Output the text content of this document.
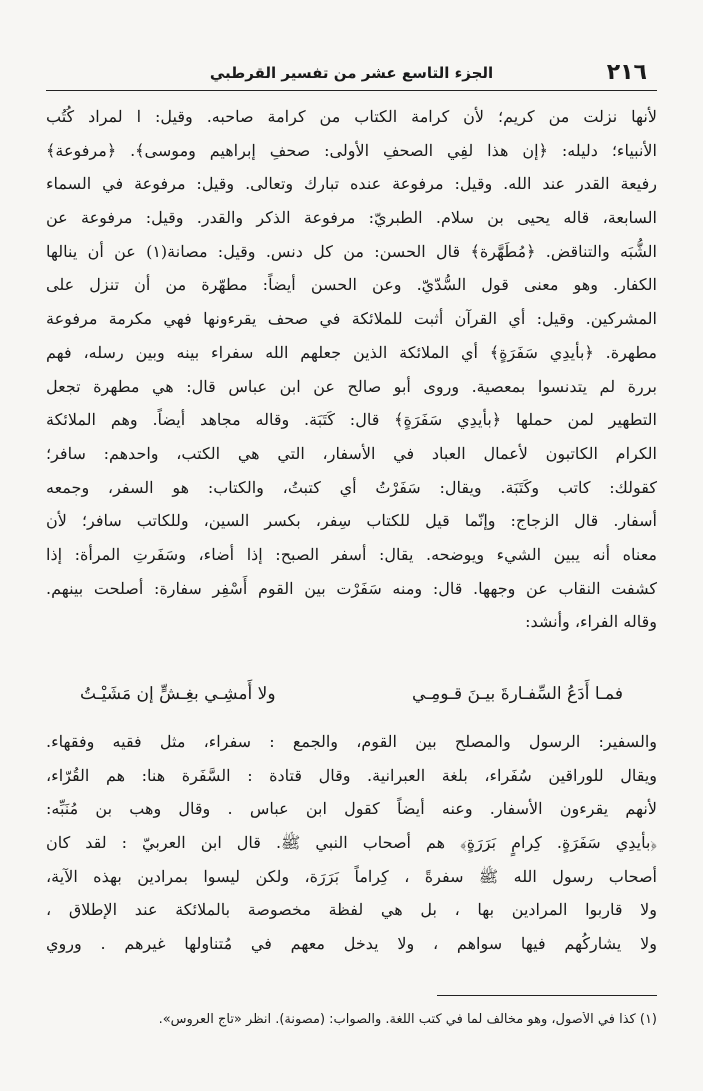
٢١٦
الجزء التاسع عشر من تفسير القرطبي
لأنها نزلت من كريم؛ لأن كرامة الكتاب من كرامة صاحبه. وقيل: ا لمراد كُتُب
الأنبياء؛ دليله: ﴿إن هذا لفِي الصحفِ الأولى: صحفِ إبراهيم وموسى﴾. ﴿مرفوعة﴾
رفيعة القدر عند الله. وقيل: مرفوعة عنده تبارك وتعالى. وقيل: مرفوعة في السماء
السابعة، قاله يحيى بن سلام. الطبريّ: مرفوعة الذكر والقدر. وقيل: مرفوعة عن
الشُّبَه والتناقض. ﴿مُطَهَّرة﴾ قال الحسن: من كل دنس. وقيل: مصانة(١) عن أن ينالها
الكفار. وهو معنى قول السُّدّيّ. وعن الحسن أيضاً: مطهّرة من أن تنزل على
المشركين. وقيل: أي القرآن أثبت للملائكة في صحف يقرءونها فهي مكرمة مرفوعة
مطهرة. ﴿بأيدِي سَفَرَةٍ﴾ أي الملائكة الذين جعلهم الله سفراء بينه وبين رسله، فهم
بررة لم يتدنسوا بمعصية. وروى أبو صالح عن ابن عباس قال: هي مطهرة تجعل
التطهير لمن حملها ﴿بأيدِي سَفَرَةٍ﴾ قال: كَتَبَة. وقاله مجاهد أيضاً. وهم الملائكة
الكرام الكاتبون لأعمال العباد في الأسفار، التي هي الكتب، واحدهم: سافر؛
كقولك: كاتب وكَتَبَة. ويقال: سَفَرْتُ أي كتبتُ، والكتاب: هو السفر، وجمعه
أسفار. قال الزجاج: وإنّما قيل للكتاب سِفر، بكسر السين، وللكاتب سافر؛ لأن
معناه أنه يبين الشيء ويوضحه. يقال: أسفر الصبح: إذا أضاء، وسَفَرتِ المرأة: إذا
كشفت النقاب عن وجهها. قال: ومنه سَفَرْت بين القوم أَسْفِر سفارة: أصلحت بينهم.
وقاله الفراء، وأنشد:
فمـا أَدَعُ السِّفـارةَ بيـنَ قـومِـي
ولا أَمشِـي بغِـشٍّ إن مَشَيْـتُ
والسفير: الرسول والمصلح بين القوم، والجمع : سفراء، مثل فقيه وفقهاء.
ويقال للوراقين سُفَراء، بلغة العبرانية. وقال قتادة : السَّفَرة هنا: هم القُرّاء،
لأنهم يقرءون الأسفار. وعنه أيضاً كقول ابن عباس . وقال وهب بن مُنَبِّه:
﴿بأيدِي سَفَرَةٍ. كِرامٍ بَرَرَةٍ﴾ هم أصحاب النبي ﷺ. قال ابن العربيّ : لقد كان
أصحاب رسول الله ﷺ سفرةً ، كِراماً بَرَرَة، ولكن ليسوا بمرادين بهذه الآية،
ولا قاربوا المرادين بها ، بل هي لفظة مخصوصة بالملائكة عند الإطلاق ،
ولا يشاركُهم فيها سواهم ، ولا يدخل معهم في مُتناولها غيرهم . وروي
(١) كذا في الأصول، وهو مخالف لما في كتب اللغة. والصواب: (مصونة). انظر «تاج العروس».
